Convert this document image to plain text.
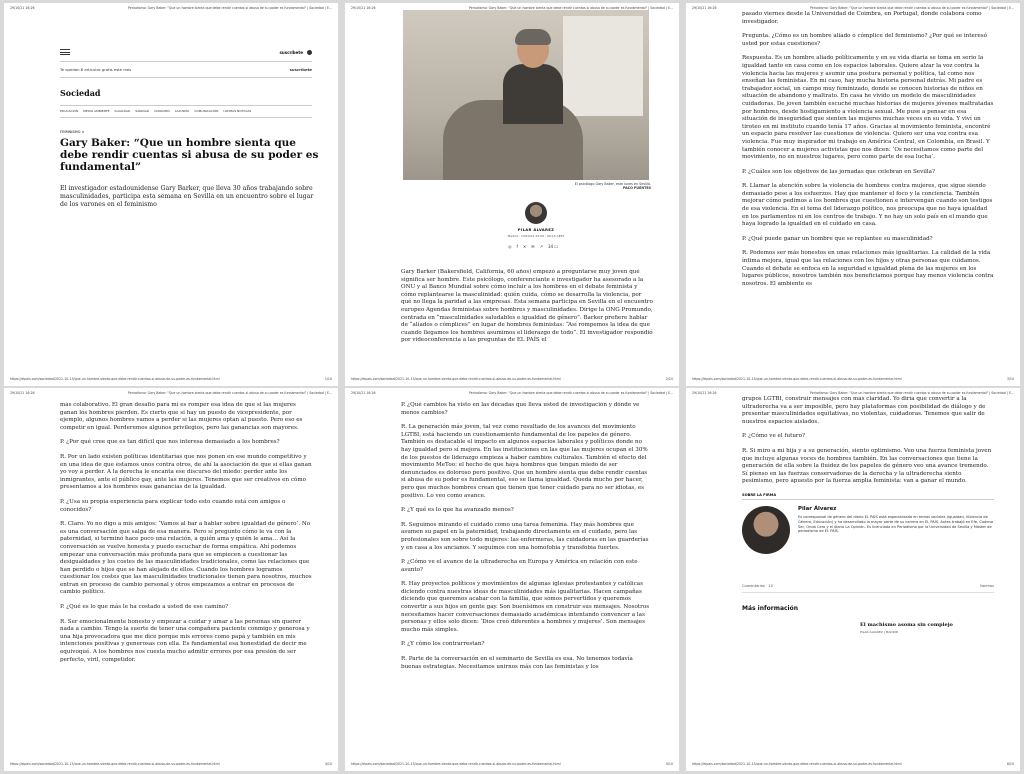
29/10/21 16:26	Periodismo: Gary Baker: "Que un hombre sienta que debe rendir cuentas si abusa de su poder es fundamental" | Sociedad | E...
suscríbete
Te quedan 8 artículos gratis este mes	suscríbete
Sociedad
EDUCACIÓN MEDIO AMBIENTE IGUALDAD SANIDAD CONSUMO LAICISMO COMUNICACIÓN ÚLTIMAS NOTICIAS
FEMINISMO >
Gary Baker: “Que un hombre sienta que debe rendir cuentas si abusa de su poder es fundamental”
El investigador estadounidense Gary Barker, que lleva 30 años trabajando sobre masculinidades, participa esta semana en Sevilla en un encuentro sobre el lugar de los varones en el feminismo
https://elpais.com/sociedad/2021-10-13/que-un-hombre-sienta-que-debe-rendir-cuentas-si-abusa-de-su-poder-es-fundamental.html	1/10
29/10/21 16:26	Periodismo: Gary Baker: "Que un hombre sienta que debe rendir cuentas si abusa de su poder es fundamental" | Sociedad | E...
El psicólogo Gary Baker, este lunes en Sevilla.
PACO PUENTES
PILAR ÁLVAREZ
Madrid - 13/10/21 23:00 - 09:15 CEST
◎ f ✕ ✉ ↗ 34 ☐

Gary Barker (Bakersfield, California, 60 años) empezó a preguntarse muy joven qué significa ser hombre. Este psicólogo, conferenciante e investigador ha asesorado a la ONU y al Banco Mundial sobre cómo incluir a los hombres en el debate feminista y cómo replantearse la masculinidad: quién cuida, cómo se desarrolla la violencia, por qué no llega la paridad a las empresas. Esta semana participa en Sevilla en el encuentro europeo Agendas feministas sobre hombres y masculinidades. Dirige la ONG Promundo, centrada en “masculinidades saludables e igualdad de género”. Barker prefiere hablar de “aliados o cómplices” en lugar de hombres feministas: “Así rompemos la idea de que cuando llegamos los hombres asumimos el liderazgo de todo”. El investigador respondió por videoconferencia a las preguntas de EL PAÍS el

https://elpais.com/sociedad/2021-10-13/que-un-hombre-sienta-que-debe-rendir-cuentas-si-abusa-de-su-poder-es-fundamental.html	2/10
29/10/21 16:26	Periodismo: Gary Baker: "Que un hombre sienta que debe rendir cuentas si abusa de su poder es fundamental" | Sociedad | E...

pasado viernes desde la Universidad de Coimbra, en Portugal, donde colabora como investigador.

Pregunta. ¿Cómo es un hombre aliado o cómplice del feminismo? ¿Por qué se interesó usted por estas cuestiones?

Respuesta. Es un hombre aliado políticamente y en su vida diaria se toma en serio la igualdad tanto en casa como en los espacios laborales. Quiere alzar la voz contra la violencia hacia las mujeres y asumir una postura personal y política, tal como nos enseñan las feministas. En mi caso, hay mucha historia personal detrás. Mi padre es trabajador social, un campo muy feminizado, donde se conocen historias de niños en situación de abandono y maltrato. En casa he vivido un modelo de masculinidades cuidadoras. De joven también escuché muchas historias de mujeres jóvenes maltratadas por hombres, desde hostigamiento a violencia sexual. Me puse a pensar en esa situación de inseguridad que sienten las mujeres muchas veces en su vida. Y viví un tiroteo en mi instituto cuando tenía 17 años. Gracias al movimiento feminista, encontré un espacio para resolver las cuestiones de violencia. Quiero ser una voz contra esa violencia. Fue muy inspirador mi trabajo en América Central, en Colombia, en Brasil. Y también conocer a mujeres activistas que nos dicen: ‘Os necesitamos como parte del movimiento, no en nuestros lugares, pero como parte de esa lucha’.

P. ¿Cuáles son los objetivos de las jornadas que celebran en Sevilla?

R. Llamar la atención sobre la violencia de hombres contra mujeres, que sigue siendo demasiado pese a los esfuerzos. Hay que mantener el foco y la conciencia. También mejorar cómo pedimos a los hombres que cuestionen e intervengan cuando son testigos de esa violencia. En el tema del liderazgo político, nos preocupa que no haya igualdad en los parlamentos ni en los centros de trabajo. Y no hay un solo país en el mundo que haya logrado la igualdad en el cuidado en casa.

P. ¿Qué puede ganar un hombre que se replantee su masculinidad?

R. Podemos ser más honestos en unas relaciones más igualitarias. La calidad de la vida íntima mejora, igual que las relaciones con los hijos y otras personas que cuidamos. Cuando el debate se enfoca en la seguridad e igualdad plena de las mujeres en los lugares públicos, nosotros también nos beneficiamos porque hay menos violencia contra nosotros. El ambiente es

https://elpais.com/sociedad/2021-10-13/que-un-hombre-sienta-que-debe-rendir-cuentas-si-abusa-de-su-poder-es-fundamental.html	3/10
29/10/21 16:26	Periodismo: Gary Baker: "Que un hombre sienta que debe rendir cuentas si abusa de su poder es fundamental" | Sociedad | E...

más colaborativo. El gran desafío para mí es romper esa idea de que si las mujeres ganan los hombres pierden. Es cierto que si hay un puesto de vicepresidente, por ejemplo, algunos hombres vamos a perder si las mujeres optan al puesto. Pero eso es competir en igual. Perderemos algunos privilegios, pero las ganancias son mayores.

P. ¿Por qué cree que es tan difícil que nos interesa demasiado a los hombres?

R. Por un lado existen políticas identitarias que nos ponen en ese mundo competitivo y en una idea de que estamos unos contra otros, de ahí la asociación de que si ellas ganan yo voy a perder. A la derecha le encanta ese discurso del miedo: perder ante los inmigrantes, ante el público gay, ante las mujeres. Tenemos que ser creativos en cómo presentamos a los hombres esas ganancias de la igualdad.

P. ¿Usa su propia experiencia para explicar todo esto cuando está con amigos o conocidos?

R. Claro. Yo no digo a mis amigos: ‘Vamos al bar a hablar sobre igualdad de género’. No es una conversación que salga de esa manera. Pero sí pregunto cómo le va con la paternidad, si terminó hace poco una relación, a quién ama y quién le ama… Así la conversación se vuelve honesta y puedo escuchar de forma empática. Ahí podemos empezar una conversación más profunda para que se empiecen a cuestionar las desigualdades y los costes de las masculinidades tradicionales, como las relaciones que han perdido o hijos que se han alejado de ellos. Cuando los hombres logramos cuestionar los costes que las masculinidades tradicionales tienen para nosotros, muchos entran en proceso de cambio personal y otros empezamos a entrar en procesos de cambio político.

P. ¿Qué es lo que más le ha costado a usted de ese camino?

R. Ser emocionalmente honesto y empezar a cuidar y amar a las personas sin querer nada a cambio. Tengo la suerte de tener una compañera paciente conmigo y generosa y una hija provocadora que me dice porque mis errores como papá y también en mis intenciones positivas y generosas con ella. Es fundamental esa honestidad de decir me equivoqué. A los hombres nos cuesta mucho admitir errores por esa presión de ser perfecto, viril, competidor.

https://elpais.com/sociedad/2021-10-13/que-un-hombre-sienta-que-debe-rendir-cuentas-si-abusa-de-su-poder-es-fundamental.html	4/10
29/10/21 16:26	Periodismo: Gary Baker: "Que un hombre sienta que debe rendir cuentas si abusa de su poder es fundamental" | Sociedad | E...

P. ¿Qué cambios ha visto en las décadas que lleva usted de investigación y dónde ve menos cambios?

R. La generación más joven, tal vez como resultado de los avances del movimiento LGTBI, está haciendo un cuestionamiento fundamental de los papeles de género. También es destacable el impacto en algunos espacios laborales y políticos donde no hay igualdad pero sí mejora. En las instituciones en las que las mujeres ocupan el 30% de los puestos de liderazgo empieza a haber cambios culturales. También el efecto del movimiento MeToo: el hecho de que haya hombres que tengan miedo de ser denunciados es doloroso pero positivo. Que un hombre sienta que debe rendir cuentas si abusa de su poder es fundamental, eso se llama igualdad. Queda mucho por hacer, pero que muchos hombres crean que tienen que tener cuidado para no ser idiotas, es positivo. Lo veo como avance.

P. ¿Y qué es lo que ha avanzado menos?

R. Seguimos mirando el cuidado como una tarea femenina. Hay más hombres que asumen su papel en la paternidad, trabajando directamente en el cuidado, pero las profesionales son sobre todo mujeres: las enfermeras, las cuidadoras en las guarderías y en casa a los ancianos. Y seguimos con una homofobia y transfobia fuertes.

P. ¿Cómo ve el avance de la ultraderecha en Europa y América en relación con este asunto?

R. Hay proyectos políticos y movimientos de algunas iglesias protestantes y católicas diciendo contra nuestras ideas de masculinidades más igualitarias. Hacen campañas diciendo que queremos acabar con la familia, que somos pervertidos y queremos convertir a sus hijos en gente gay. Son buenísimos en construir sus mensajes. Nosotros necesitamos hacer conversaciones demasiado académicas intentando convencer a las personas y ellos solo dicen: ‘Dios creó diferentes a hombres y mujeres’. Son mensajes mucho más simples.

P. ¿Y cómo los contrarrestan?

R. Parte de la conversación en el seminario de Sevilla es esa. No tenemos todavía buenas estrategias. Necesitamos unirnos más con las feministas y los

https://elpais.com/sociedad/2021-10-13/que-un-hombre-sienta-que-debe-rendir-cuentas-si-abusa-de-su-poder-es-fundamental.html	5/10
29/10/21 16:26	Periodismo: Gary Baker: "Que un hombre sienta que debe rendir cuentas si abusa de su poder es fundamental" | Sociedad | E...

grupos LGTBI, construir mensajes con más claridad. Yo diría que convertir a la ultraderecha va a ser imposible, pero hay plataformas con posibilidad de diálogo y de presentar masculinidades equitativas, no violentas, cuidadoras. Tenemos que salir de nuestros espacios aislados.

P. ¿Cómo ve el futuro?

R. Si miro a mi hija y a su generación, siento optimismo. Veo una fuerza feminista joven que incluye algunas voces de hombres también. En las conversaciones que tiene la generación de ella sobre la fluidez de los papeles de género veo una avance tremendo. Sí pienso en las fuerzas conservadoras de la derecha y la ultraderecha siento pesimismo, pero apuesto por la fuerza amplia feminista: van a ganar el mundo.

SOBRE LA FIRMA
Pilar Álvarez
Es corresponsal de género del diario EL PAÍS está especializada en temas sociales (Igualdad, Violencia de Género, Educación) y ha desarrollado la mayor parte de su carrera en EL PAÍS. Antes trabajó en Efe, Cadena Ser, Onda Cero y el diario La Opinión. Es licenciada en Periodismo por la Universidad de Sevilla y Máster de periodismo de EL PAÍS.
Comentarios · 10	Normas
Más información
El machismo asoma sin complejo
PILAR ÁLVAREZ | MADRID
https://elpais.com/sociedad/2021-10-13/que-un-hombre-sienta-que-debe-rendir-cuentas-si-abusa-de-su-poder-es-fundamental.html	6/10
